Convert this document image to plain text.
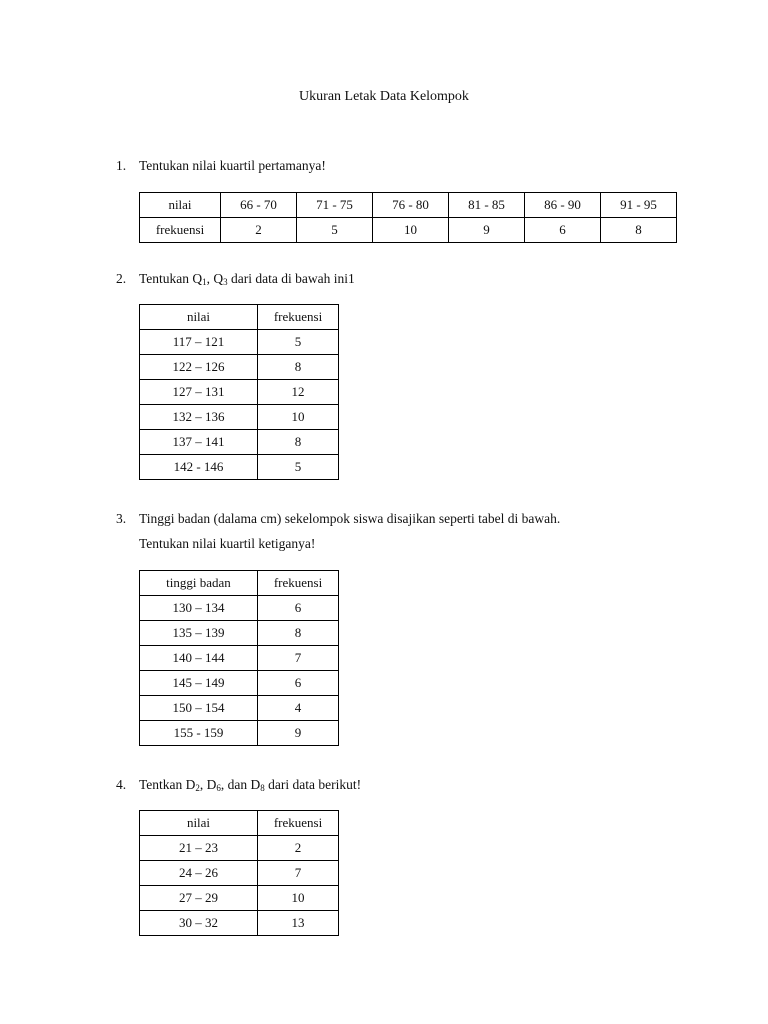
Ukuran Letak Data Kelompok
1. Tentukan nilai kuartil pertamanya!
nilai	66 - 70	71 - 75	76 - 80	81 - 85	86 - 90	91 - 95
frekuensi	2	5	10	9	6	8
2. Tentukan $Q_1$, $Q_3$ dari data di bawah ini1
nilai	frekuensi
117 – 121	5
122 – 126	8
127 – 131	12
132 – 136	10
137 – 141	8
142 - 146	5
3. Tinggi badan (dalama cm) sekelompok siswa disajikan seperti tabel di bawah.
Tentukan nilai kuartil ketiganya!
tinggi badan	frekuensi
130 – 134	6
135 – 139	8
140 – 144	7
145 – 149	6
150 – 154	4
155 - 159	9
4. Tentkan $D_2$, $D_6$, dan $D_8$ dari data berikut!
nilai	frekuensi
21 – 23	2
24 – 26	7
27 – 29	10
30 – 32	13
